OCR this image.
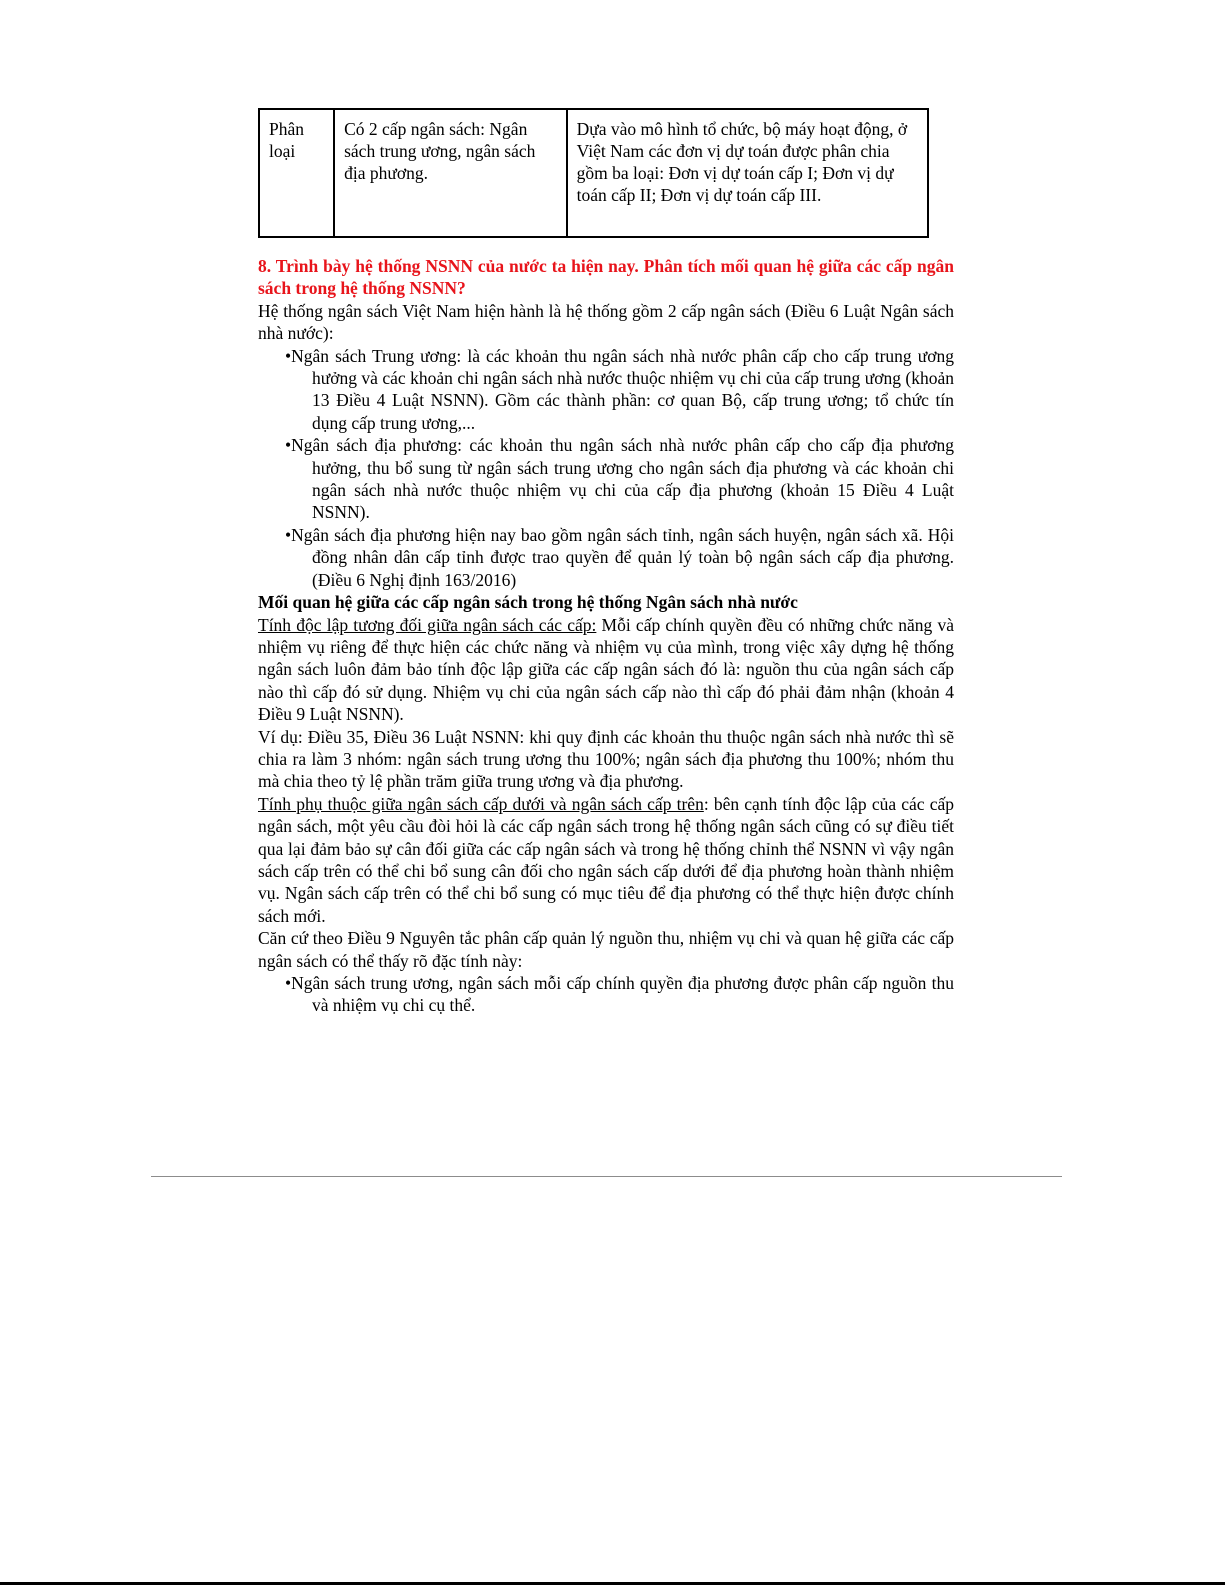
Phân loại	Có 2 cấp ngân sách: Ngân sách trung ương, ngân sách địa phương.	Dựa vào mô hình tổ chức, bộ máy hoạt động, ở Việt Nam các đơn vị dự toán được phân chia gồm ba loại: Đơn vị dự toán cấp I; Đơn vị dự toán cấp II; Đơn vị dự toán cấp III.

8. Trình bày hệ thống NSNN của nước ta hiện nay. Phân tích mối quan hệ giữa các cấp ngân sách trong hệ thống NSNN?

Hệ thống ngân sách Việt Nam hiện hành là hệ thống gồm 2 cấp ngân sách (Điều 6 Luật Ngân sách nhà nước):

•Ngân sách Trung ương: là các khoản thu ngân sách nhà nước phân cấp cho cấp trung ương hưởng và các khoản chi ngân sách nhà nước thuộc nhiệm vụ chi của cấp trung ương (khoản 13 Điều 4 Luật NSNN). Gồm các thành phần: cơ quan Bộ, cấp trung ương; tổ chức tín dụng cấp trung ương,...
•Ngân sách địa phương: các khoản thu ngân sách nhà nước phân cấp cho cấp địa phương hưởng, thu bổ sung từ ngân sách trung ương cho ngân sách địa phương và các khoản chi ngân sách nhà nước thuộc nhiệm vụ chi của cấp địa phương (khoản 15 Điều 4 Luật NSNN).
•Ngân sách địa phương hiện nay bao gồm ngân sách tỉnh, ngân sách huyện, ngân sách xã. Hội đồng nhân dân cấp tỉnh được trao quyền để quản lý toàn bộ ngân sách cấp địa phương. (Điều 6 Nghị định 163/2016)

Mối quan hệ giữa các cấp ngân sách trong hệ thống Ngân sách nhà nước

Tính độc lập tương đối giữa ngân sách các cấp: Mỗi cấp chính quyền đều có những chức năng và nhiệm vụ riêng để thực hiện các chức năng và nhiệm vụ của mình, trong việc xây dựng hệ thống ngân sách luôn đảm bảo tính độc lập giữa các cấp ngân sách đó là: nguồn thu của ngân sách cấp nào thì cấp đó sử dụng. Nhiệm vụ chi của ngân sách cấp nào thì cấp đó phải đảm nhận (khoản 4 Điều 9 Luật NSNN).

Ví dụ: Điều 35, Điều 36 Luật NSNN: khi quy định các khoản thu thuộc ngân sách nhà nước thì sẽ chia ra làm 3 nhóm: ngân sách trung ương thu 100%; ngân sách địa phương thu 100%; nhóm thu mà chia theo tỷ lệ phần trăm giữa trung ương và địa phương.

Tính phụ thuộc giữa ngân sách cấp dưới và ngân sách cấp trên: bên cạnh tính độc lập của các cấp ngân sách, một yêu cầu đòi hỏi là các cấp ngân sách trong hệ thống ngân sách cũng có sự điều tiết qua lại đảm bảo sự cân đối giữa các cấp ngân sách và trong hệ thống chỉnh thể NSNN vì vậy ngân sách cấp trên có thể chi bổ sung cân đối cho ngân sách cấp dưới để địa phương hoàn thành nhiệm vụ. Ngân sách cấp trên có thể chi bổ sung có mục tiêu để địa phương có thể thực hiện được chính sách mới.

Căn cứ theo Điều 9 Nguyên tắc phân cấp quản lý nguồn thu, nhiệm vụ chi và quan hệ giữa các cấp ngân sách có thể thấy rõ đặc tính này:

•Ngân sách trung ương, ngân sách mỗi cấp chính quyền địa phương được phân cấp nguồn thu và nhiệm vụ chi cụ thể.
